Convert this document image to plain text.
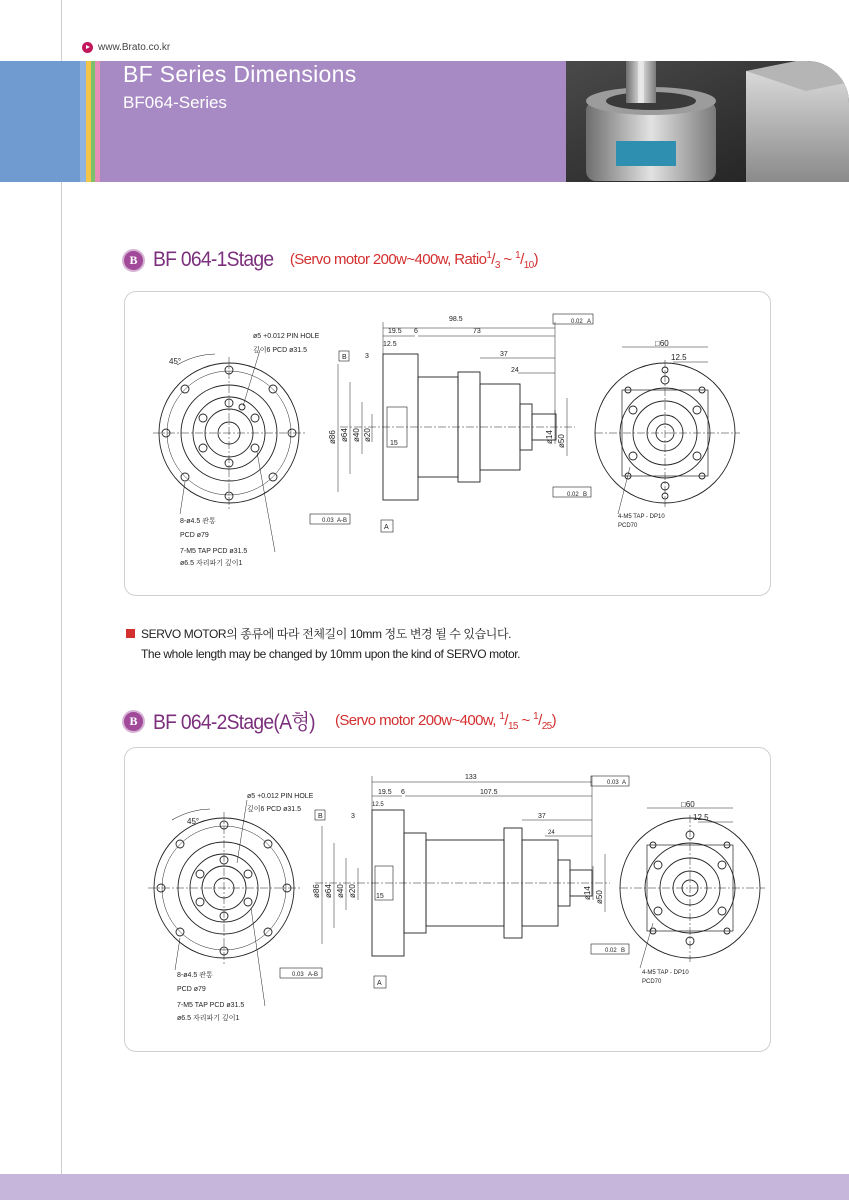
www.Brato.co.kr
BF Series Dimensions
BF064-Series
B BF 064-1Stage (Servo motor 200w~400w, $Ratio^1/_3$ ~ $^1/_{10}$)
ø5 +0.012 PIN HOLE
깊이6 PCD ø31.5
45°
8-ø4.5 관통
PCD ø79
7-M5 TAP PCD ø31.5
ø6.5 자리파기 깊이1
98.5
19.5 6	73
12.5
3	37
24
15
ø86 ø64 ø40 ø20	ø14 ø50
0.02 A
0.02 B
0.03 A-B
A
B
□60
12.5
4-M5 TAP - DP10
PCD70
SERVO MOTOR의 종류에 따라 전체길이 10mm 정도 변경 될 수 있습니다.
The whole length may be changed by 10mm upon the kind of SERVO motor.
B BF 064-2Stage(A형) (Servo motor 200w~400w, $^1/_{15}$ ~ $^1/_{25}$)
ø5 +0.012 PIN HOLE
깊이6 PCD ø31.5
45°
8-ø4.5 관통
PCD ø79
7-M5 TAP PCD ø31.5
ø6.5 자리파기 깊이1
133
19.5 6	107.5
12.5
3	37
24
15
ø86 ø64 ø40 ø20	ø14 ø50
0.03 A
0.02 B
0.03 A-B
A
B
□60
12.5
4-M5 TAP - DP10
PCD70
